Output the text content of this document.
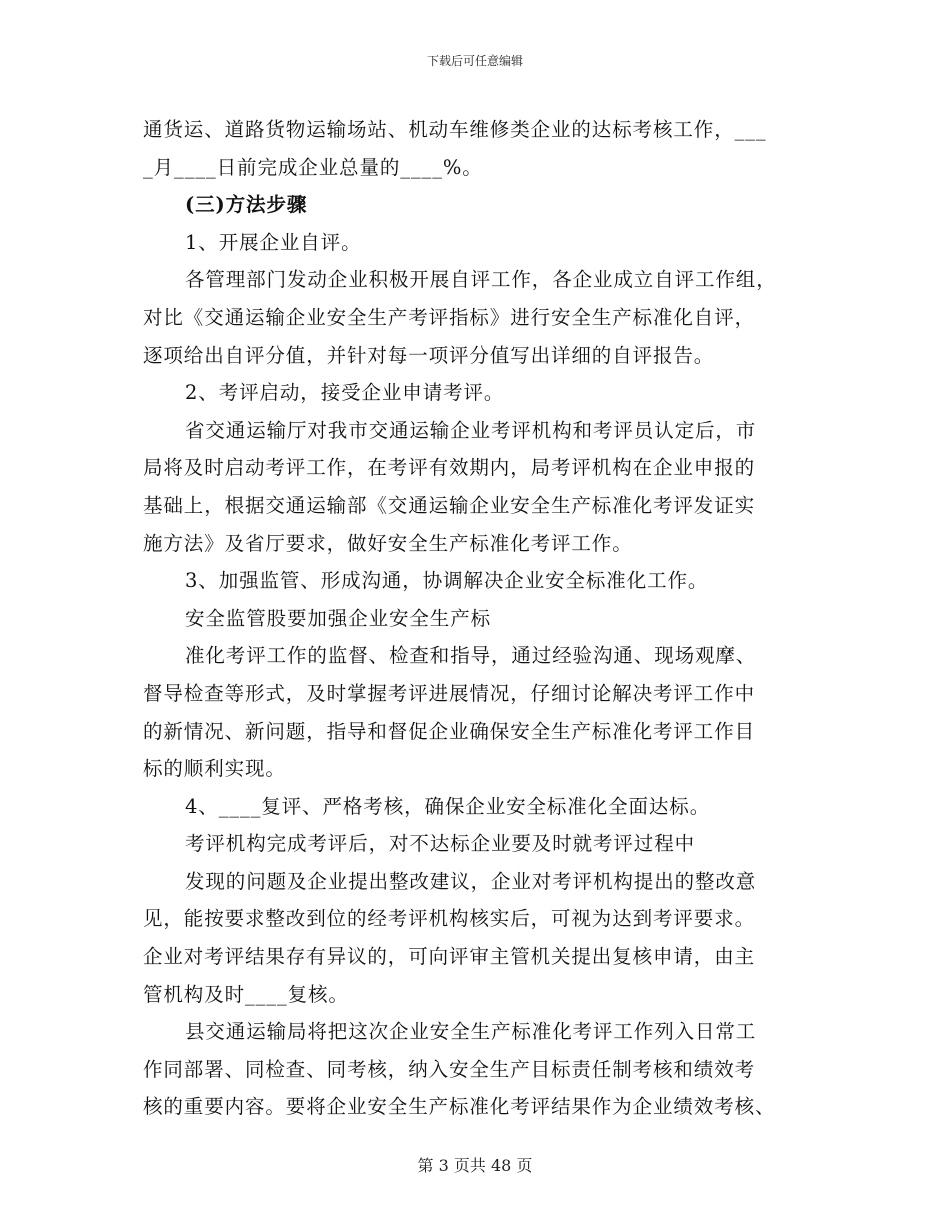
下载后可任意编辑
通货运、道路货物运输场站、机动车维修类企业的达标考核工作，___
_月____日前完成企业总量的____%。
(三)方法步骤
1、开展企业自评。
各管理部门发动企业积极开展自评工作，各企业成立自评工作组，
对比《交通运输企业安全生产考评指标》进行安全生产标准化自评，
逐项给出自评分值，并针对每一项评分值写出详细的自评报告。
2、考评启动，接受企业申请考评。
省交通运输厅对我市交通运输企业考评机构和考评员认定后，市
局将及时启动考评工作，在考评有效期内，局考评机构在企业申报的
基础上，根据交通运输部《交通运输企业安全生产标准化考评发证实
施方法》及省厅要求，做好安全生产标准化考评工作。
3、加强监管、形成沟通，协调解决企业安全标准化工作。
安全监管股要加强企业安全生产标
准化考评工作的监督、检查和指导，通过经验沟通、现场观摩、
督导检查等形式，及时掌握考评进展情况，仔细讨论解决考评工作中
的新情况、新问题，指导和督促企业确保安全生产标准化考评工作目
标的顺利实现。
4、____复评、严格考核，确保企业安全标准化全面达标。
考评机构完成考评后，对不达标企业要及时就考评过程中
发现的问题及企业提出整改建议，企业对考评机构提出的整改意
见，能按要求整改到位的经考评机构核实后，可视为达到考评要求。
企业对考评结果存有异议的，可向评审主管机关提出复核申请，由主
管机构及时____复核。
县交通运输局将把这次企业安全生产标准化考评工作列入日常工
作同部署、同检查、同考核，纳入安全生产目标责任制考核和绩效考
核的重要内容。要将企业安全生产标准化考评结果作为企业绩效考核、
第 3 页共 48 页
